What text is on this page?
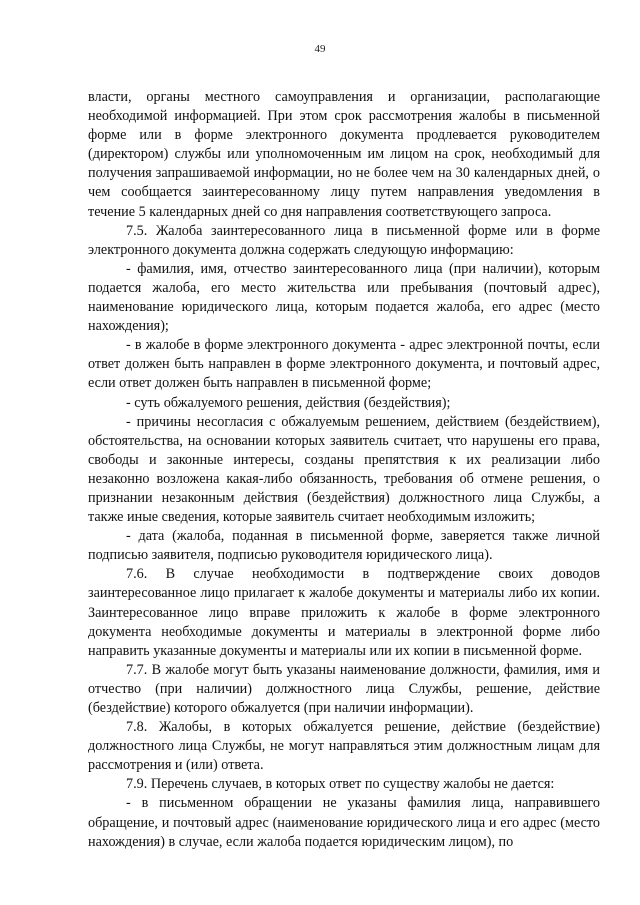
49

власти, органы местного самоуправления и организации, располагающие необходимой информацией. При этом срок рассмотрения жалобы в письменной форме или в форме электронного документа продлевается руководителем (директором) службы или уполномоченным им лицом на срок, необходимый для получения запрашиваемой информации, но не более чем на 30 календарных дней, о чем сообщается заинтересованному лицу путем направления уведомления в течение 5 календарных дней со дня направления соответствующего запроса.

7.5. Жалоба заинтересованного лица в письменной форме или в форме электронного документа должна содержать следующую информацию:

- фамилия, имя, отчество заинтересованного лица (при наличии), которым подается жалоба, его место жительства или пребывания (почтовый адрес), наименование юридического лица, которым подается жалоба, его адрес (место нахождения);

- в жалобе в форме электронного документа - адрес электронной почты, если ответ должен быть направлен в форме электронного документа, и почтовый адрес, если ответ должен быть направлен в письменной форме;

- суть обжалуемого решения, действия (бездействия);

- причины несогласия с обжалуемым решением, действием (бездействием), обстоятельства, на основании которых заявитель считает, что нарушены его права, свободы и законные интересы, созданы препятствия к их реализации либо незаконно возложена какая-либо обязанность, требования об отмене решения, о признании незаконным действия (бездействия) должностного лица Службы, а также иные сведения, которые заявитель считает необходимым изложить;

- дата (жалоба, поданная в письменной форме, заверяется также личной подписью заявителя, подписью руководителя юридического лица).

7.6. В случае необходимости в подтверждение своих доводов заинтересованное лицо прилагает к жалобе документы и материалы либо их копии. Заинтересованное лицо вправе приложить к жалобе в форме электронного документа необходимые документы и материалы в электронной форме либо направить указанные документы и материалы или их копии в письменной форме.

7.7. В жалобе могут быть указаны наименование должности, фамилия, имя и отчество (при наличии) должностного лица Службы, решение, действие (бездействие) которого обжалуется (при наличии информации).

7.8. Жалобы, в которых обжалуется решение, действие (бездействие) должностного лица Службы, не могут направляться этим должностным лицам для рассмотрения и (или) ответа.

7.9. Перечень случаев, в которых ответ по существу жалобы не дается:

- в письменном обращении не указаны фамилия лица, направившего обращение, и почтовый адрес (наименование юридического лица и его адрес (место нахождения) в случае, если жалоба подается юридическим лицом), по
